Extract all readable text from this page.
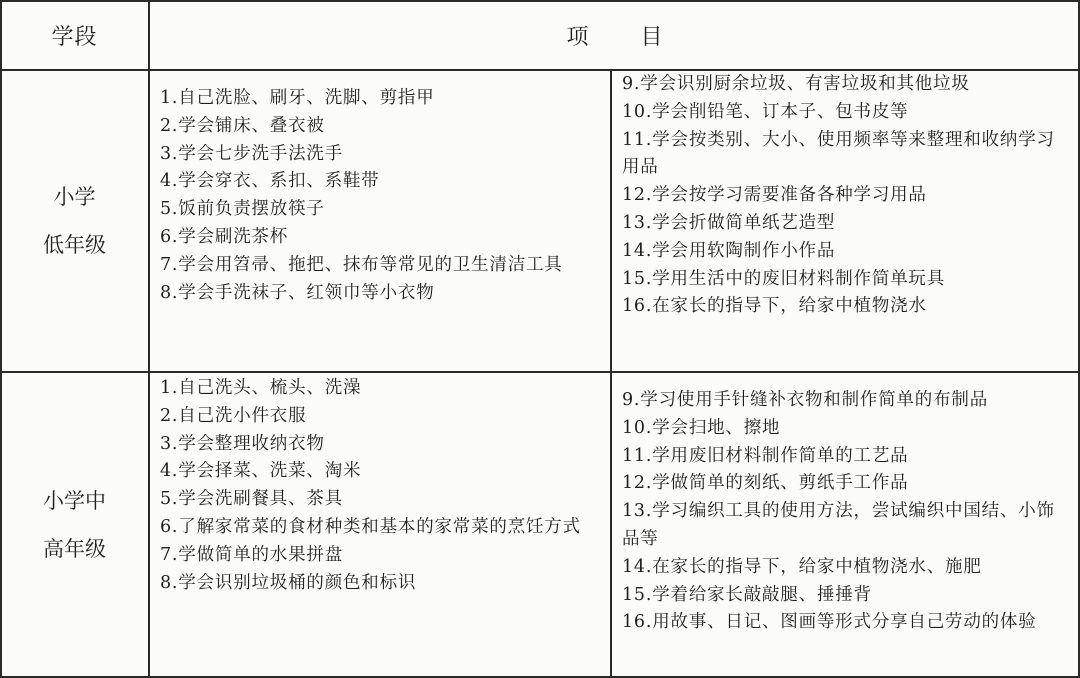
学段	项目
小学
低年级
1.自己洗脸、刷牙、洗脚、剪指甲
2.学会铺床、叠衣被
3.学会七步洗手法洗手
4.学会穿衣、系扣、系鞋带
5.饭前负责摆放筷子
6.学会刷洗茶杯
7.学会用笤帚、拖把、抹布等常见的卫生清洁工具
8.学会手洗袜子、红领巾等小衣物
9.学会识别厨余垃圾、有害垃圾和其他垃圾
10.学会削铅笔、订本子、包书皮等
11.学会按类别、大小、使用频率等来整理和收纳学习用品
12.学会按学习需要准备各种学习用品
13.学会折做简单纸艺造型
14.学会用软陶制作小作品
15.学用生活中的废旧材料制作简单玩具
16.在家长的指导下，给家中植物浇水
小学中
高年级
1.自己洗头、梳头、洗澡
2.自己洗小件衣服
3.学会整理收纳衣物
4.学会择菜、洗菜、淘米
5.学会洗刷餐具、茶具
6.了解家常菜的食材种类和基本的家常菜的烹饪方式
7.学做简单的水果拼盘
8.学会识别垃圾桶的颜色和标识
9.学习使用手针缝补衣物和制作简单的布制品
10.学会扫地、擦地
11.学用废旧材料制作简单的工艺品
12.学做简单的刻纸、剪纸手工作品
13.学习编织工具的使用方法，尝试编织中国结、小饰品等
14.在家长的指导下，给家中植物浇水、施肥
15.学着给家长敲敲腿、捶捶背
16.用故事、日记、图画等形式分享自己劳动的体验
